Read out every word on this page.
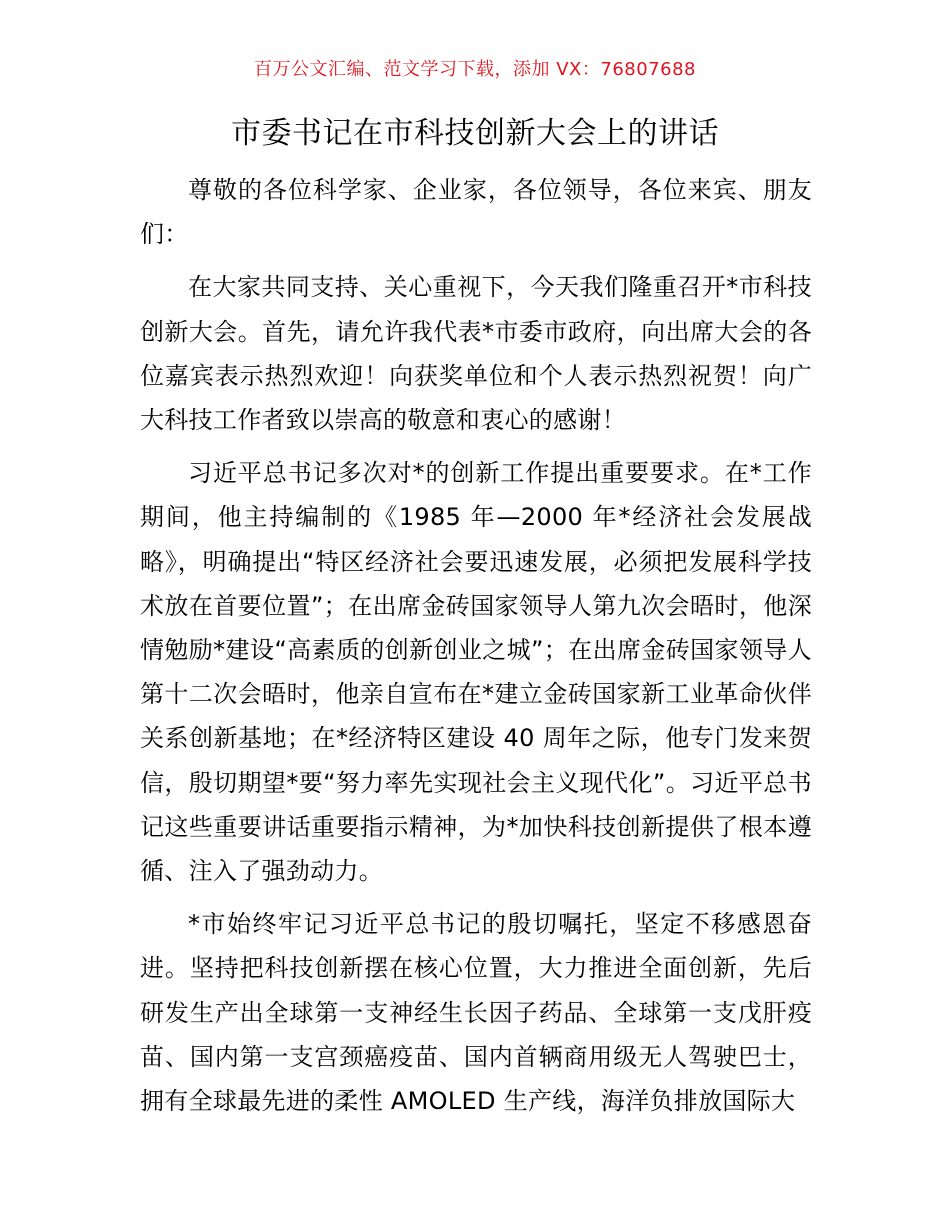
百万公文汇编、范文学习下载，添加 VX：76807688
市委书记在市科技创新大会上的讲话

尊敬的各位科学家、企业家，各位领导，各位来宾、朋友们：

在大家共同支持、关心重视下，今天我们隆重召开*市科技创新大会。首先，请允许我代表*市委市政府，向出席大会的各位嘉宾表示热烈欢迎！向获奖单位和个人表示热烈祝贺！向广大科技工作者致以崇高的敬意和衷心的感谢！

习近平总书记多次对*的创新工作提出重要要求。在*工作期间，他主持编制的《1985 年—2000 年*经济社会发展战略》，明确提出“特区经济社会要迅速发展，必须把发展科学技术放在首要位置”；在出席金砖国家领导人第九次会晤时，他深情勉励*建设“高素质的创新创业之城”；在出席金砖国家领导人第十二次会晤时，他亲自宣布在*建立金砖国家新工业革命伙伴关系创新基地；在*经济特区建设 40 周年之际，他专门发来贺信，殷切期望*要“努力率先实现社会主义现代化”。习近平总书记这些重要讲话重要指示精神，为*加快科技创新提供了根本遵循、注入了强劲动力。

*市始终牢记习近平总书记的殷切嘱托，坚定不移感恩奋进。坚持把科技创新摆在核心位置，大力推进全面创新，先后研发生产出全球第一支神经生长因子药品、全球第一支戊肝疫苗、国内第一支宫颈癌疫苗、国内首辆商用级无人驾驶巴士，拥有全球最先进的柔性 AMOLED 生产线，海洋负排放国际大
